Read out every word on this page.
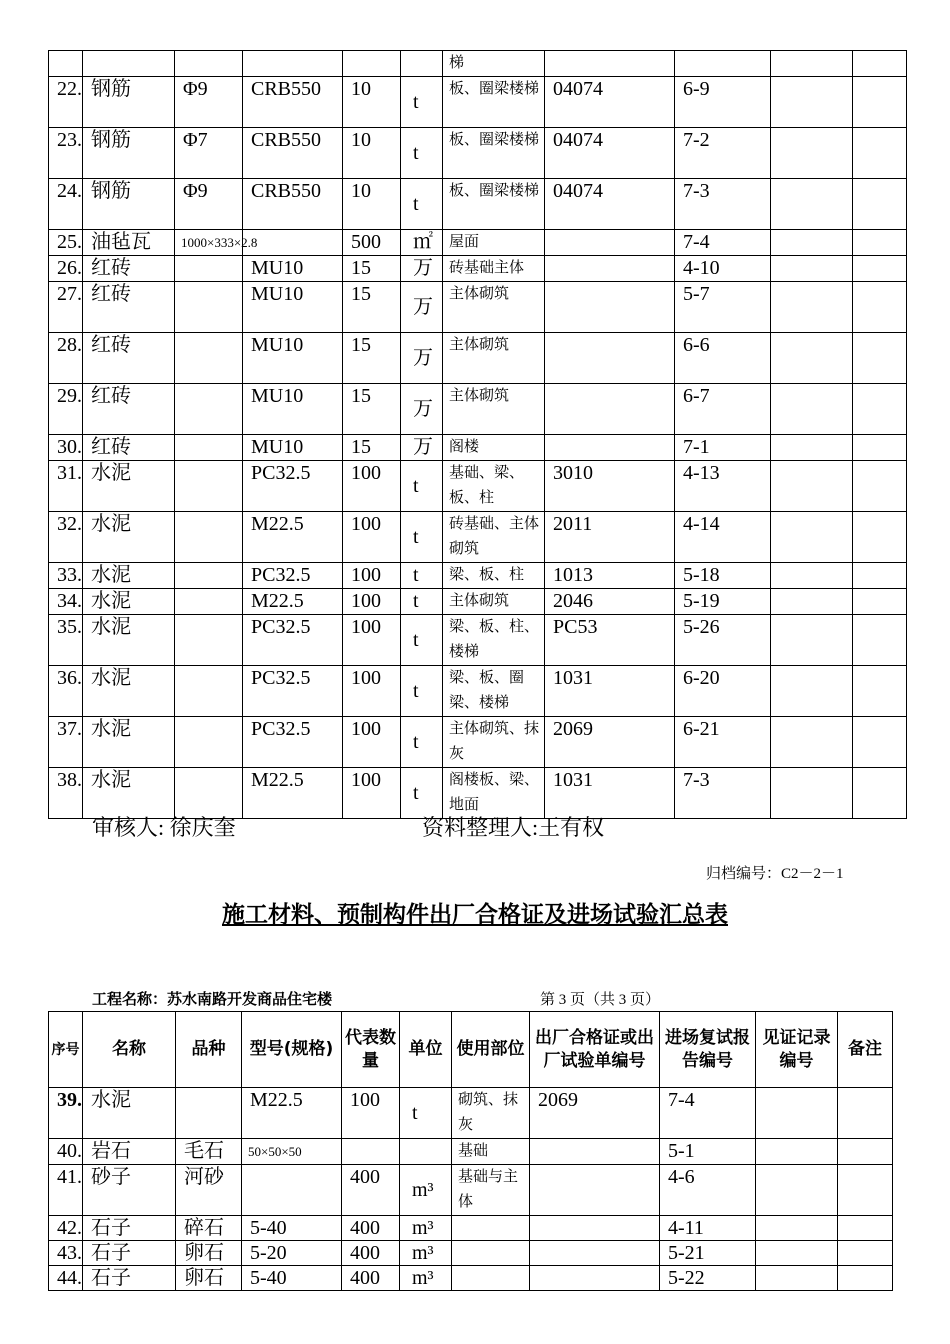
						梯				
22.	钢筋	Φ9	CRB550	10	t	板、圈梁楼梯	04074	6-9		
23.	钢筋	Φ7	CRB550	10	t	板、圈梁楼梯	04074	7-2		
24.	钢筋	Φ9	CRB550	10	t	板、圈梁楼梯	04074	7-3		
25.	油毡瓦	1000×333×2.8		500	㎡	屋面		7-4		
26.	红砖		MU10	15	万	砖基础主体		4-10		
27.	红砖		MU10	15	万	主体砌筑		5-7		
28.	红砖		MU10	15	万	主体砌筑		6-6		
29.	红砖		MU10	15	万	主体砌筑		6-7		
30.	红砖		MU10	15	万	阁楼		7-1		
31.	水泥		PC32.5	100	t	基础、梁、板、柱	3010	4-13		
32.	水泥		M22.5	100	t	砖基础、主体砌筑	2011	4-14		
33.	水泥		PC32.5	100	t	梁、板、柱	1013	5-18		
34.	水泥		M22.5	100	t	主体砌筑	2046	5-19		
35.	水泥		PC32.5	100	t	梁、板、柱、楼梯	PC53	5-26		
36.	水泥		PC32.5	100	t	梁、板、圈梁、楼梯	1031	6-20		
37.	水泥		PC32.5	100	t	主体砌筑、抹灰	2069	6-21		
38.	水泥		M22.5	100	t	阁楼板、梁、地面	1031	7-3		
审核人: 徐庆奎	资料整理人:王有权
归档编号：C2－2－1
施工材料、预制构件出厂合格证及进场试验汇总表
工程名称：苏水南路开发商品住宅楼	第 3 页（共 3 页）
序号	名称	品种	型号(规格)	代表数量	单位	使用部位	出厂合格证或出厂试验单编号	进场复试报告编号	见证记录编号	备注
39.	水泥		M22.5	100	t	砌筑、抹灰	2069	7-4		
40.	岩石	毛石	50×50×50			基础		5-1		
41.	砂子	河砂		400	m³	基础与主体		4-6		
42.	石子	碎石	5-40	400	m³			4-11		
43.	石子	卵石	5-20	400	m³			5-21		
44.	石子	卵石	5-40	400	m³			5-22		
